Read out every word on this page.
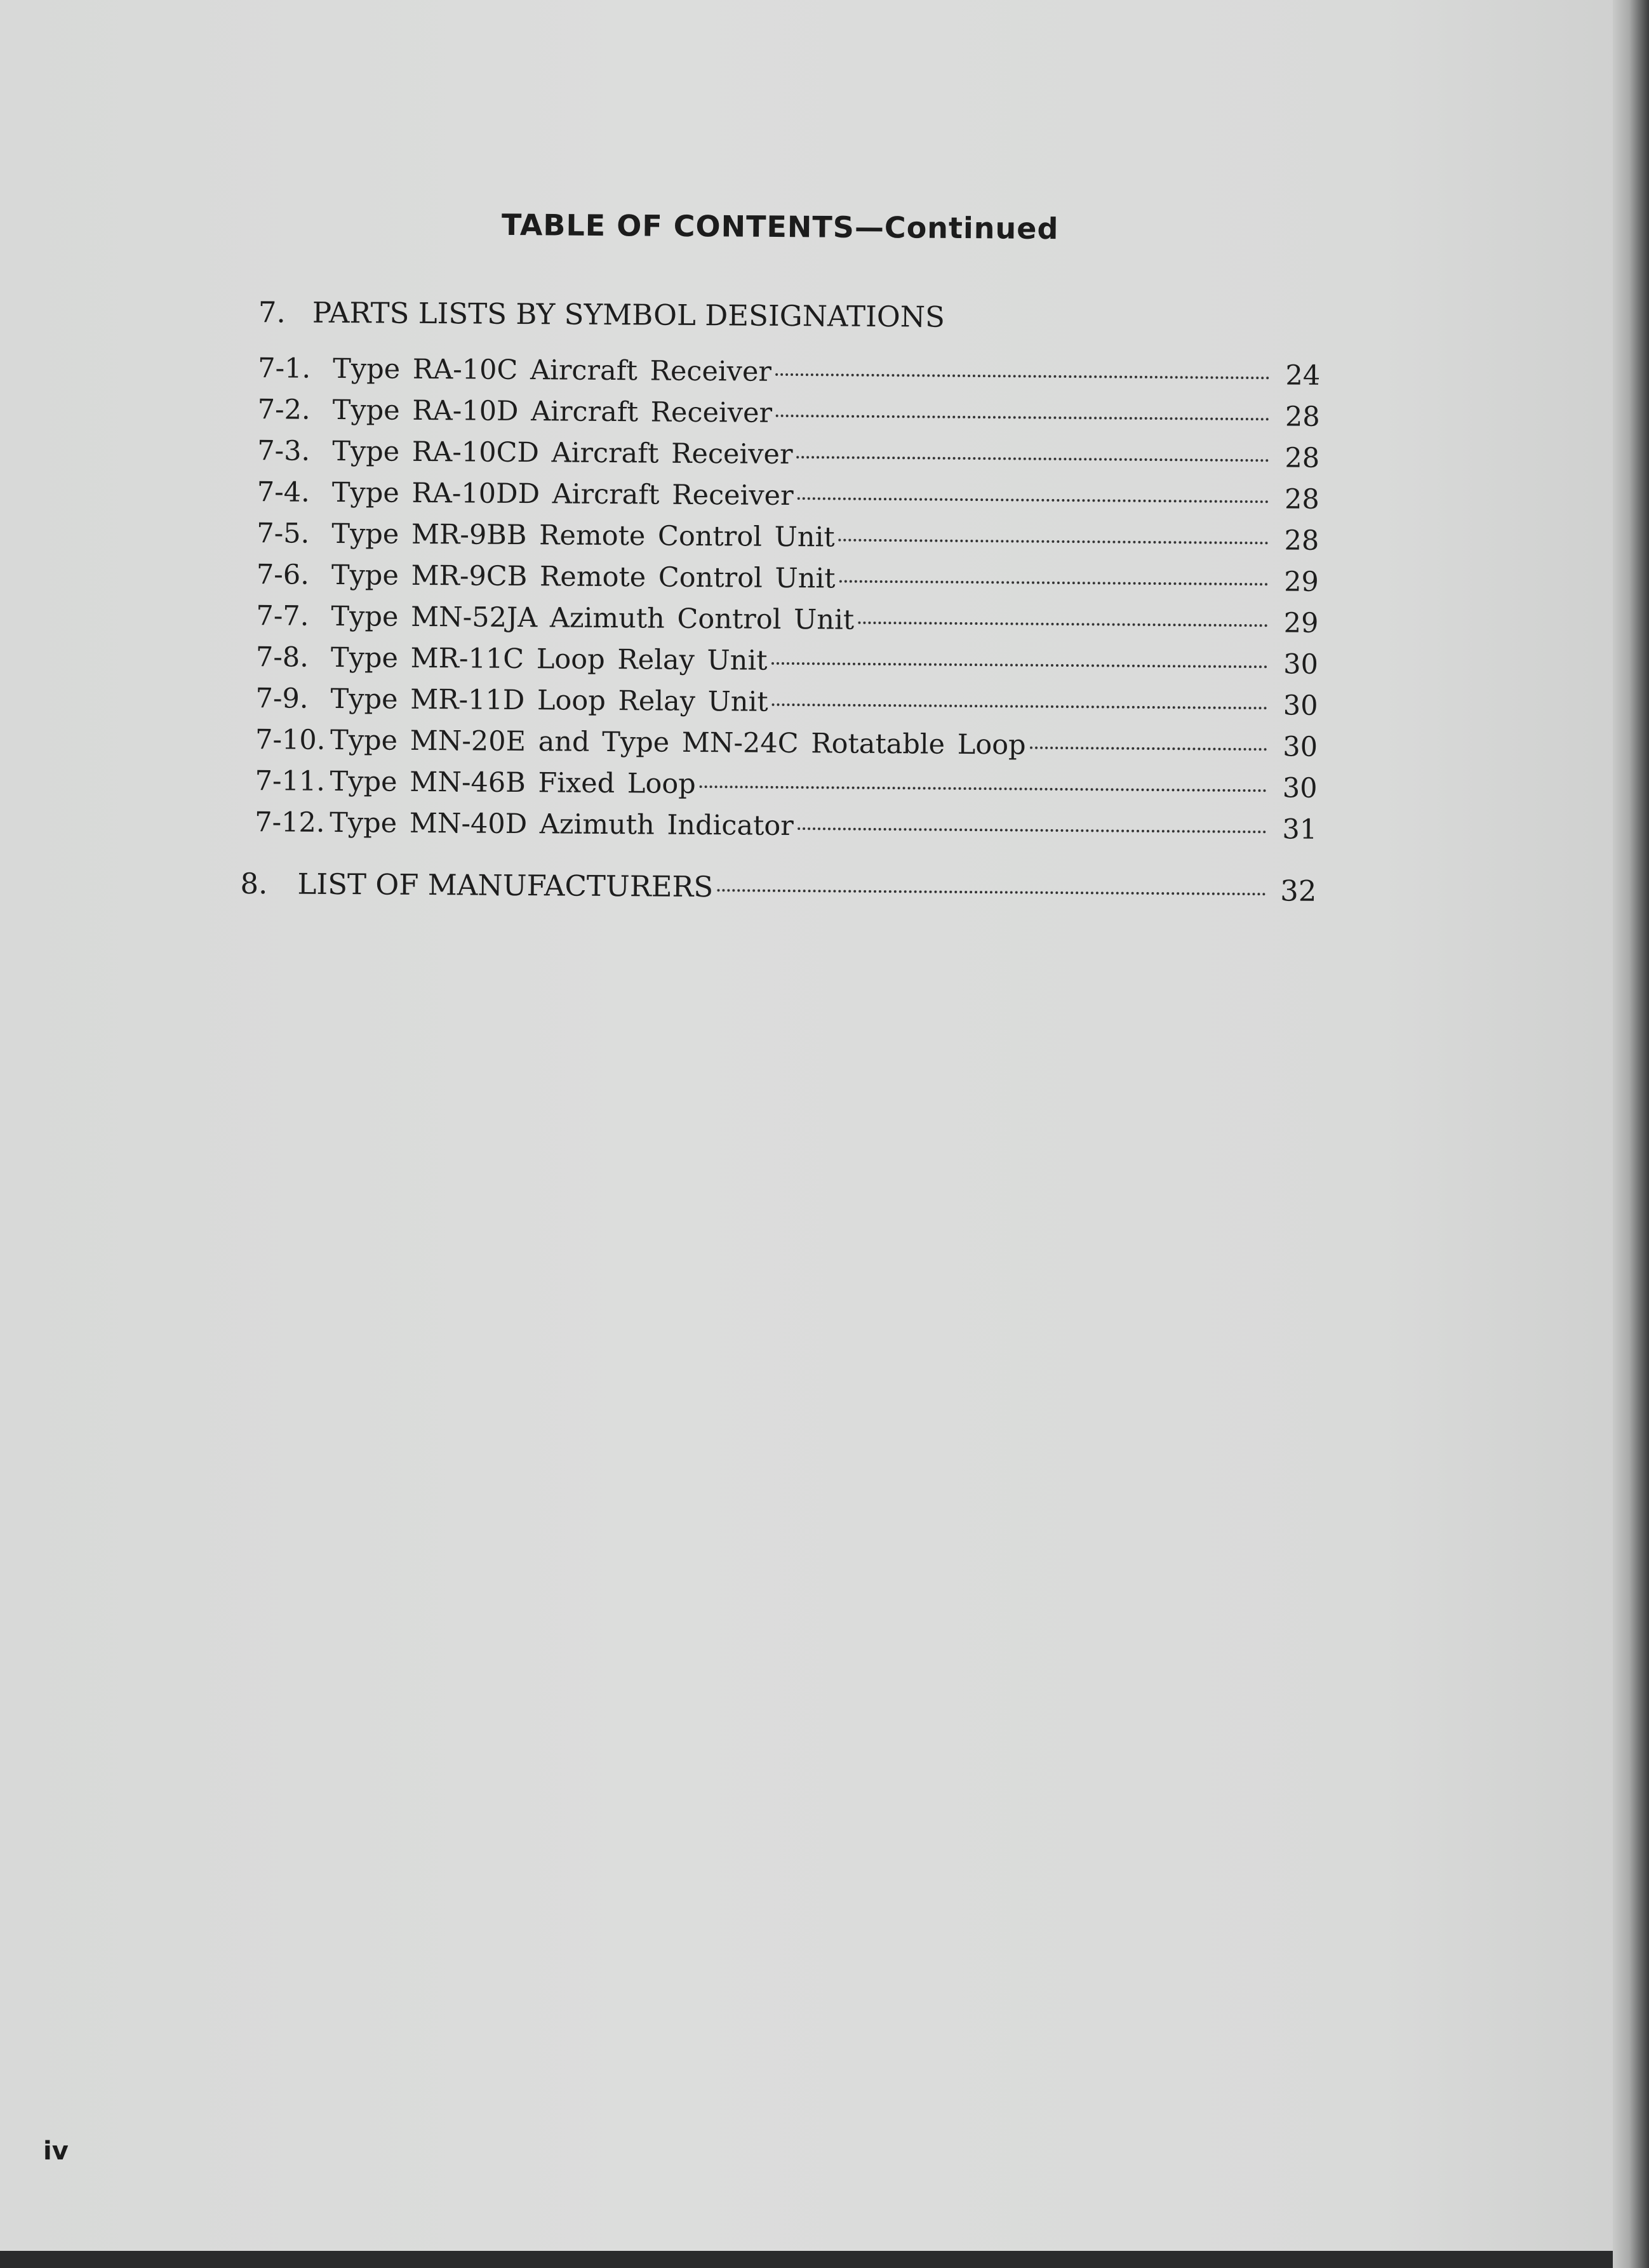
TABLE OF CONTENTS—Continued
7. PARTS LISTS BY SYMBOL DESIGNATIONS
7-1. Type RA-10C Aircraft Receiver	24
7-2. Type RA-10D Aircraft Receiver	28
7-3. Type RA-10CD Aircraft Receiver	28
7-4. Type RA-10DD Aircraft Receiver	28
7-5. Type MR-9BB Remote Control Unit	28
7-6. Type MR-9CB Remote Control Unit	29
7-7. Type MN-52JA Azimuth Control Unit	29
7-8. Type MR-11C Loop Relay Unit	30
7-9. Type MR-11D Loop Relay Unit	30
7-10. Type MN-20E and Type MN-24C Rotatable Loop	30
7-11. Type MN-46B Fixed Loop	30
7-12. Type MN-40D Azimuth Indicator	31
8.	LIST OF MANUFACTURERS	32
iv
